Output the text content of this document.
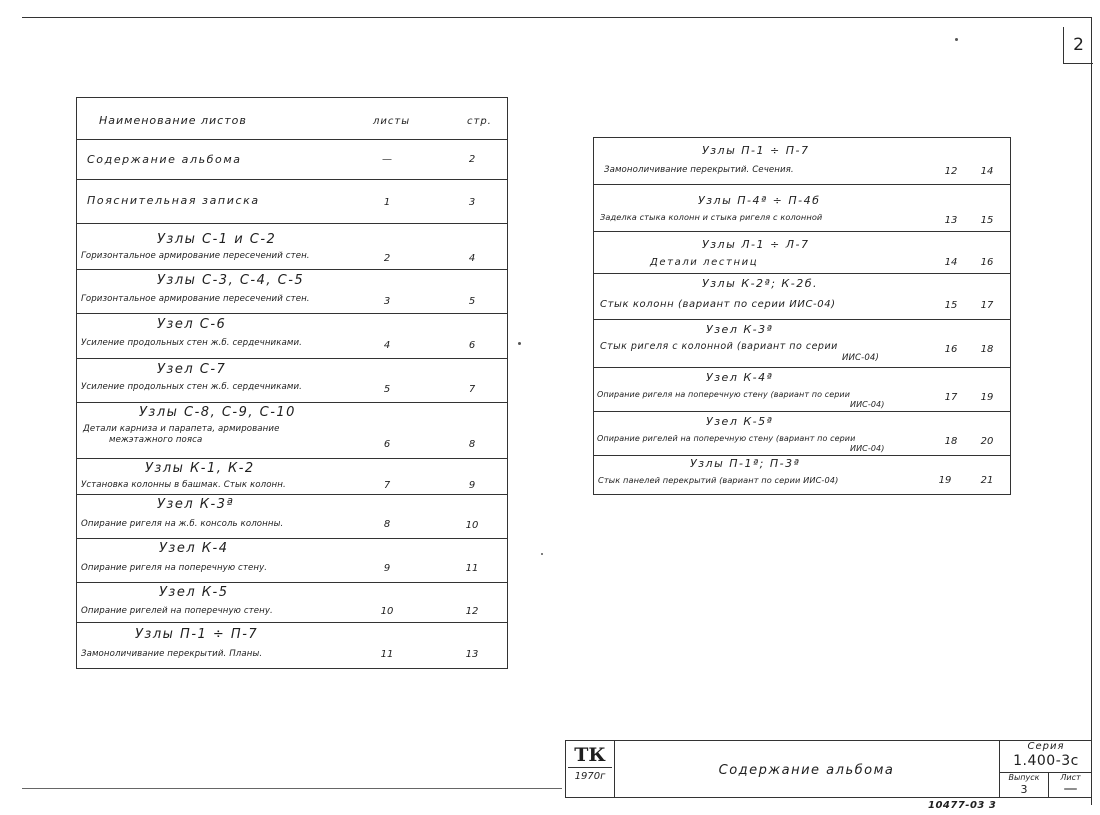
2
Наименование листов	листы	стр.
Содержание альбома	—	2
Пояснительная записка	1	3
Узлы С-1 и С-2
Горизонтальное армирование пересечений стен.	2	4
Узлы С-3, С-4, С-5
Горизонтальное армирование пересечений стен.	3	5
Узел С-6
Усиление продольных стен ж.б. сердечниками.	4	6
Узел С-7
Усиление продольных стен ж.б. сердечниками.	5	7
Узлы С-8, С-9, С-10
Детали карниза и парапета, армирование
межэтажного пояса	6	8
Узлы К-1, К-2
Установка колонны в башмак. Стык колонн.	7	9
Узел К-3ª
Опирание ригеля на ж.б. консоль колонны.	8	10
Узел К-4
Опирание ригеля на поперечную стену.	9	11
Узел К-5
Опирание ригелей на поперечную стену.	10	12
Узлы П-1 ÷ П-7
Замоноличивание перекрытий. Планы.	11	13
Узлы П-1 ÷ П-7
Замоноличивание перекрытий. Сечения.	12	14
Узлы П-4ª ÷ П-4б
Заделка стыка колонн и стыка ригеля с колонной	13	15
Узлы Л-1 ÷ Л-7
Детали лестниц	14	16
Узлы К-2ª; К-2б.
Стык колонн (вариант по серии ИИС-04)	15	17
Узел К-3ª
Стык ригеля с колонной (вариант по серии
ИИС-04)
16	18
Узел К-4ª
Опирание ригеля на поперечную стену (вариант по серии
ИИС-04)
17	19
Узел К-5ª
Опирание ригелей на поперечную стену (вариант по серии
ИИС-04)
18	20
Узлы П-1ª; П-3ª
Стык панелей перекрытий (вариант по серии ИИС-04)	19	21
ТК
1970г	Содержание альбома
Серия
1.400-3с
Выпуск
3
Лист
—
10477-03 3
